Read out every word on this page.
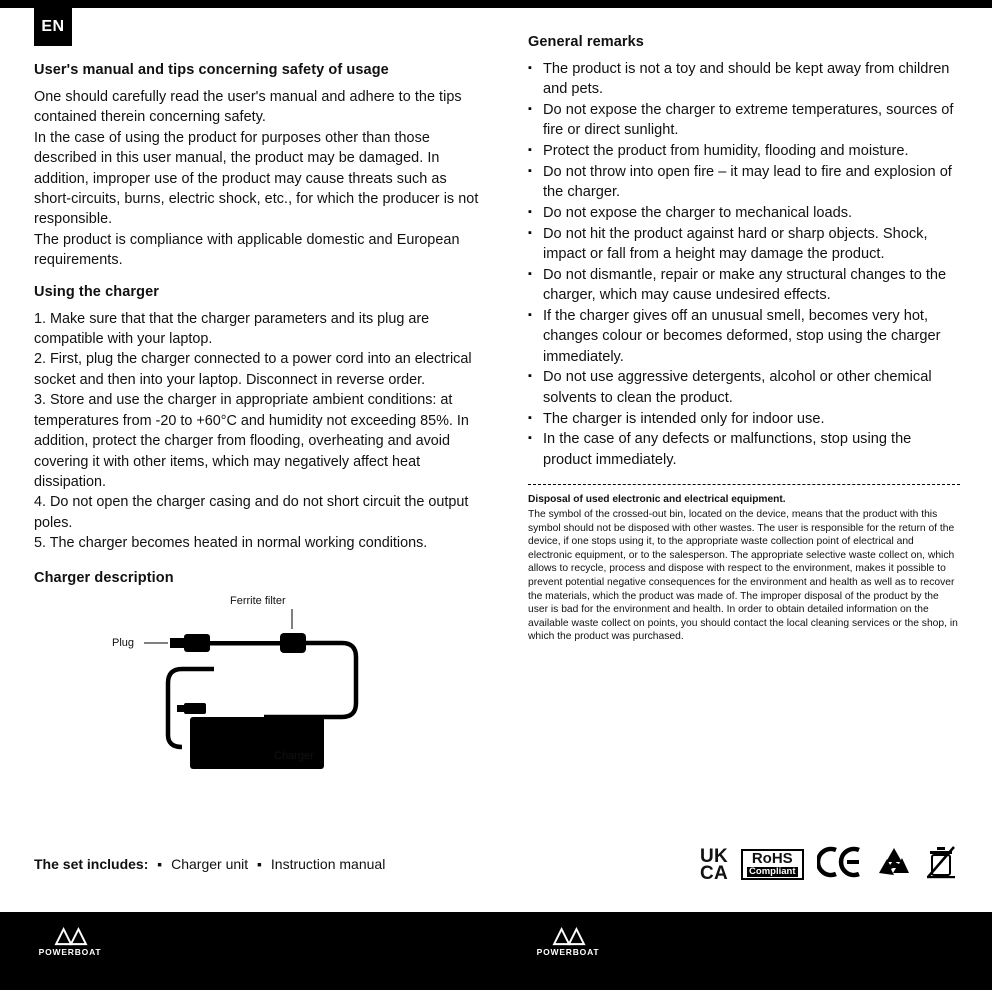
EN
User's manual and tips concerning safety of usage

One should carefully read the user's manual and adhere to the tips contained therein concerning safety.

In the case of using the product for purposes other than those described in this user manual, the product may be damaged. In addition, improper use of the product may cause threats such as short-circuits, burns, electric shock, etc., for which the producer is not responsible.

The product is compliance with applicable domestic and European requirements.

Using the charger
1. Make sure that that the charger parameters and its plug are compatible with your laptop.
2. First, plug the charger connected to a power cord into an electrical socket and then into your laptop. Disconnect in reverse order.
3. Store and use the charger in appropriate ambient conditions: at temperatures from -20 to +60°C and humidity not exceeding 85%. In addition, protect the charger from flooding, overheating and avoid covering it with other items, which may negatively affect heat dissipation.
4. Do not open the charger casing and do not short circuit the output poles.
5. The charger becomes heated in normal working conditions.
Charger description
Ferrite filter
Plug
Charger
The set includes: ▪ Charger unit ▪ Instruction manual
General remarks
▪ The product is not a toy and should be kept away from children and pets.
▪ Do not expose the charger to extreme temperatures, sources of fire or direct sunlight.
▪ Protect the product from humidity, flooding and moisture.
▪ Do not throw into open fire – it may lead to fire and explosion of the charger.
▪ Do not expose the charger to mechanical loads.
▪ Do not hit the product against hard or sharp objects. Shock, impact or fall from a height may damage the product.
▪ Do not dismantle, repair or make any structural changes to the charger, which may cause undesired effects.
▪ If the charger gives off an unusual smell, becomes very hot, changes colour or becomes deformed, stop using the charger immediately.
▪ Do not use aggressive detergents, alcohol or other chemical solvents to clean the product.
▪ The charger is intended only for indoor use.
▪ In the case of any defects or malfunctions, stop using the product immediately.

Disposal of used electronic and electrical equipment.

The symbol of the crossed-out bin, located on the device, means that the product with this symbol should not be disposed with other wastes. The user is responsible for the return of the device, if one stops using it, to the appropriate waste collection point of electrical and electronic equipment, or to the salesperson. The appropriate selective waste collect on, which allows to recycle, process and dispose with respect to the environment, makes it possible to prevent potential negative consequences for the environment and health as well as to recover the materials, which the product was made of. The improper disposal of the product by the user is bad for the environment and health. In order to obtain detailed information on the available waste collect on points, you should contact the local cleaning services or the shop, in which the product was purchased.

UK
CA
RoHS
Compliant
△△
POWERBOAT
△△
POWERBOAT
